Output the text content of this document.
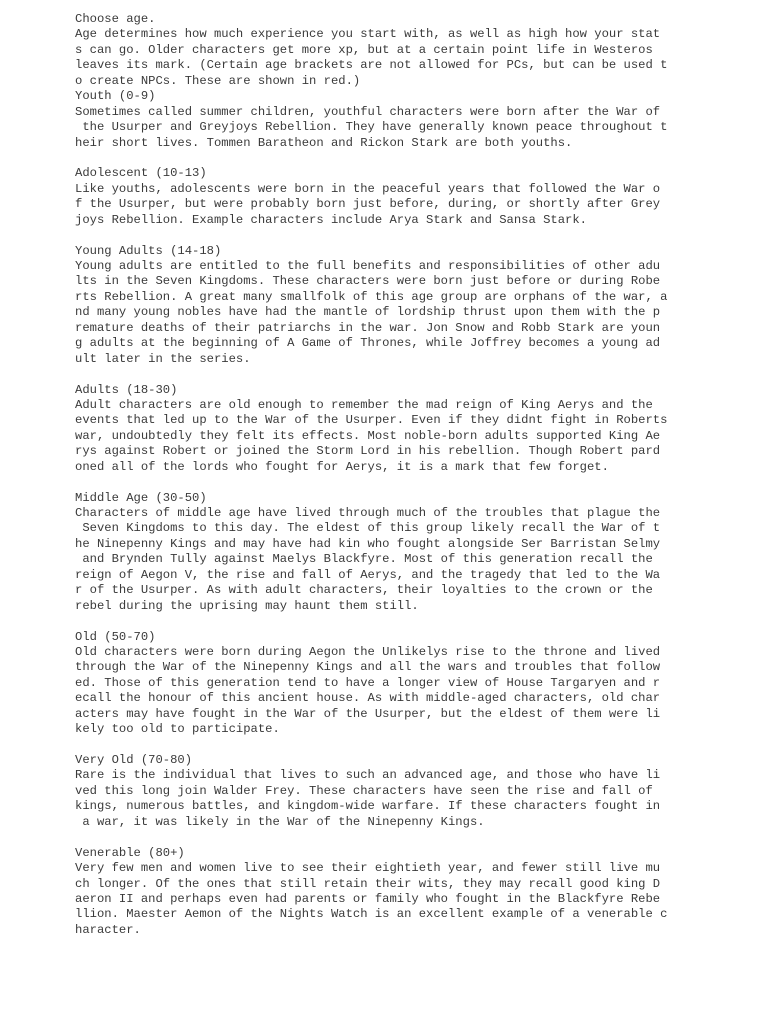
Choose age.
Age determines how much experience you start with, as well as high how your stat
s can go. Older characters get more xp, but at a certain point life in Westeros
leaves its mark. (Certain age brackets are not allowed for PCs, but can be used t
o create NPCs. These are shown in red.)
Youth (0-9)
Sometimes called summer children, youthful characters were born after the War of
the Usurper and Greyjoys Rebellion. They have generally known peace throughout t
heir short lives. Tommen Baratheon and Rickon Stark are both youths.
Adolescent (10-13)
Like youths, adolescents were born in the peaceful years that followed the War o
f the Usurper, but were probably born just before, during, or shortly after Grey
joys Rebellion. Example characters include Arya Stark and Sansa Stark.
Young Adults (14-18)
Young adults are entitled to the full benefits and responsibilities of other adu
lts in the Seven Kingdoms. These characters were born just before or during Robe
rts Rebellion. A great many smallfolk of this age group are orphans of the war, a
nd many young nobles have had the mantle of lordship thrust upon them with the p
remature deaths of their patriarchs in the war. Jon Snow and Robb Stark are youn
g adults at the beginning of A Game of Thrones, while Joffrey becomes a young ad
ult later in the series.
Adults (18-30)
Adult characters are old enough to remember the mad reign of King Aerys and the
events that led up to the War of the Usurper. Even if they didnt fight in Roberts
war, undoubtedly they felt its effects. Most noble-born adults supported King Ae
rys against Robert or joined the Storm Lord in his rebellion. Though Robert pard
oned all of the lords who fought for Aerys, it is a mark that few forget.
Middle Age (30-50)
Characters of middle age have lived through much of the troubles that plague the
Seven Kingdoms to this day. The eldest of this group likely recall the War of t
he Ninepenny Kings and may have had kin who fought alongside Ser Barristan Selmy
and Brynden Tully against Maelys Blackfyre. Most of this generation recall the
reign of Aegon V, the rise and fall of Aerys, and the tragedy that led to the Wa
r of the Usurper. As with adult characters, their loyalties to the crown or the
rebel during the uprising may haunt them still.
Old (50-70)
Old characters were born during Aegon the Unlikelys rise to the throne and lived
through the War of the Ninepenny Kings and all the wars and troubles that follow
ed. Those of this generation tend to have a longer view of House Targaryen and r
ecall the honour of this ancient house. As with middle-aged characters, old char
acters may have fought in the War of the Usurper, but the eldest of them were li
kely too old to participate.
Very Old (70-80)
Rare is the individual that lives to such an advanced age, and those who have li
ved this long join Walder Frey. These characters have seen the rise and fall of
kings, numerous battles, and kingdom-wide warfare. If these characters fought in
a war, it was likely in the War of the Ninepenny Kings.
Venerable (80+)
Very few men and women live to see their eightieth year, and fewer still live mu
ch longer. Of the ones that still retain their wits, they may recall good king D
aeron II and perhaps even had parents or family who fought in the Blackfyre Rebe
llion. Maester Aemon of the Nights Watch is an excellent example of a venerable c
haracter.
